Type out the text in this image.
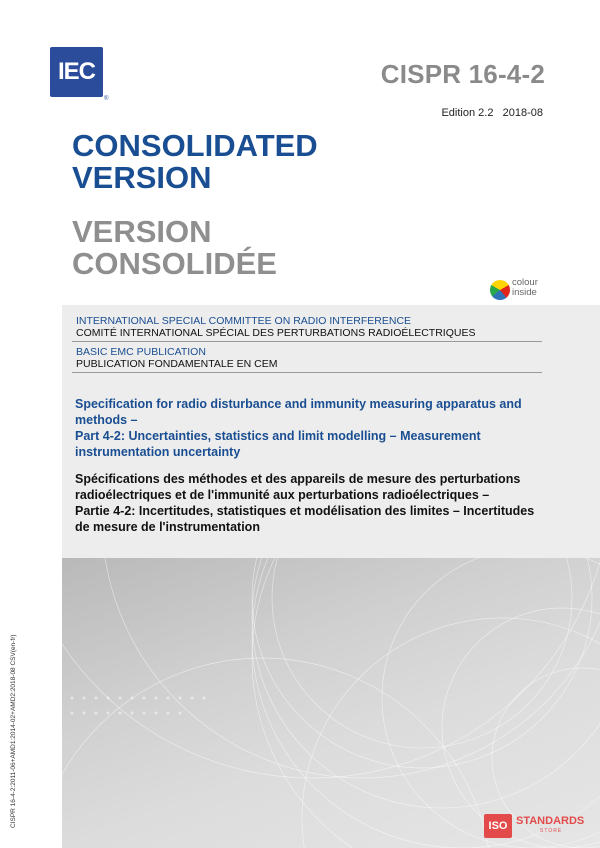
IEC
®
CISPR 16-4-2
Edition 2.2   2018-08
CONSOLIDATED
VERSION
VERSION
CONSOLIDÉE
colour
inside
INTERNATIONAL SPECIAL COMMITTEE ON RADIO INTERFERENCE
COMITÉ INTERNATIONAL SPÉCIAL DES PERTURBATIONS RADIOÉLECTRIQUES
BASIC EMC PUBLICATION
PUBLICATION FONDAMENTALE EN CEM
Specification for radio disturbance and immunity measuring apparatus and
methods –
Part 4-2: Uncertainties, statistics and limit modelling – Measurement
instrumentation uncertainty
Spécifications des méthodes et des appareils de mesure des perturbations
radioélectriques et de l'immunité aux perturbations radioélectriques –
Partie 4-2: Incertitudes, statistiques et modélisation des limites – Incertitudes
de mesure de l'instrumentation
CISPR 16-4-2:2011-06+AMD1:2014-02+AMD2:2018-08 CSV(en-fr)	ISO STANDARDS
STORE
